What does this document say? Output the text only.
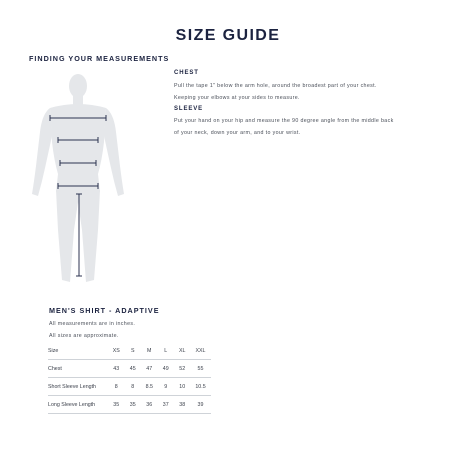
SIZE GUIDE
FINDING YOUR MEASUREMENTS
CHEST
Pull the tape 1" below the arm hole, around the broadest part of your chest.
Keeping your elbows at your sides to measure.
SLEEVE
Put your hand on your hip and measure the 90 degree angle from the middle back
of your neck, down your arm, and to your wrist.
MEN'S SHIRT - ADAPTIVE
All measurements are in inches.
All sizes are approximate.
Size	XS	S	M	L	XL	XXL
Chest	43	45	47	49	52	55
Short Sleeve Length	8	8	8.5	9	10	10.5
Long Sleeve Length	35	35	36	37	38	39
